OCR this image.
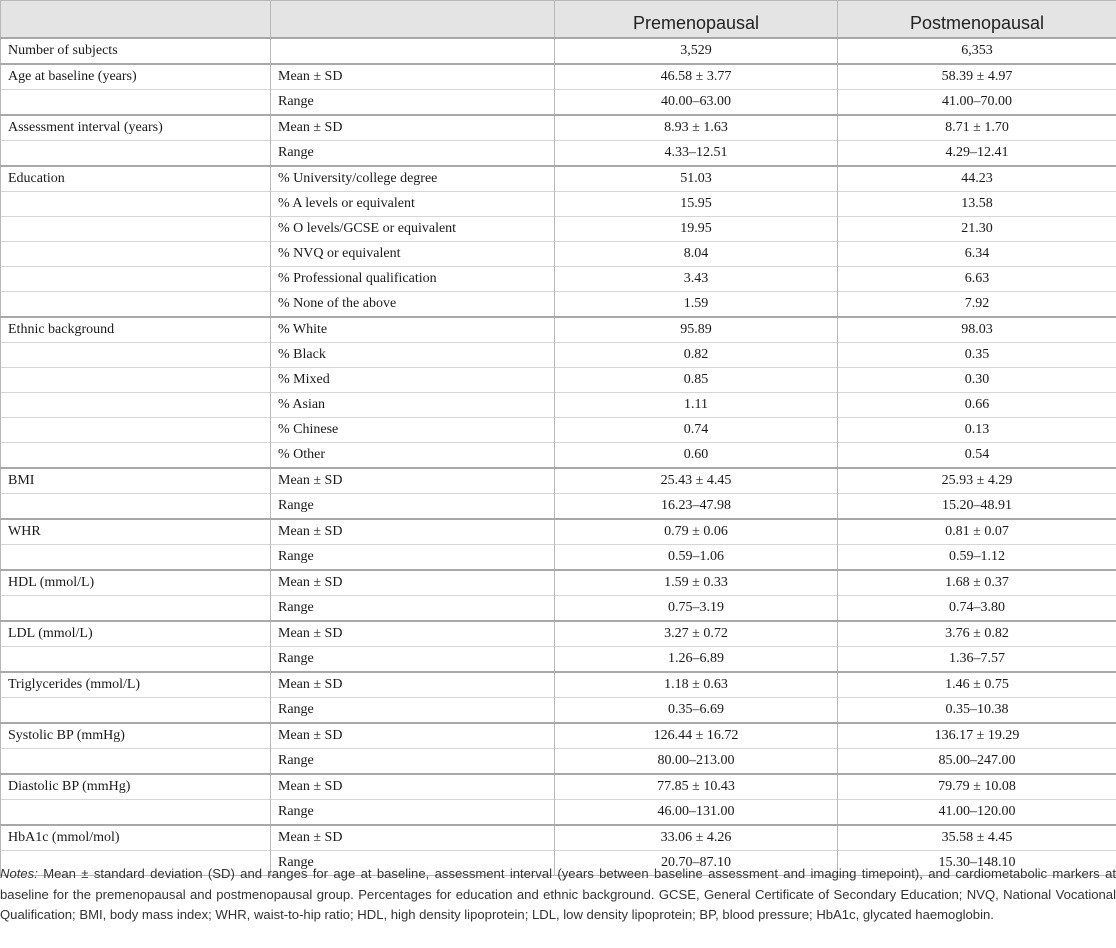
		Premenopausal	Postmenopausal
Number of subjects		3,529	6,353
Age at baseline (years)	Mean ± SD	46.58 ± 3.77	58.39 ± 4.97
	Range	40.00–63.00	41.00–70.00
Assessment interval (years)	Mean ± SD	8.93 ± 1.63	8.71 ± 1.70
	Range	4.33–12.51	4.29–12.41
Education	% University/college degree	51.03	44.23
	% A levels or equivalent	15.95	13.58
	% O levels/GCSE or equivalent	19.95	21.30
	% NVQ or equivalent	8.04	6.34
	% Professional qualification	3.43	6.63
	% None of the above	1.59	7.92
Ethnic background	% White	95.89	98.03
	% Black	0.82	0.35
	% Mixed	0.85	0.30
	% Asian	1.11	0.66
	% Chinese	0.74	0.13
	% Other	0.60	0.54
BMI	Mean ± SD	25.43 ± 4.45	25.93 ± 4.29
	Range	16.23–47.98	15.20–48.91
WHR	Mean ± SD	0.79 ± 0.06	0.81 ± 0.07
	Range	0.59–1.06	0.59–1.12
HDL (mmol/L)	Mean ± SD	1.59 ± 0.33	1.68 ± 0.37
	Range	0.75–3.19	0.74–3.80
LDL (mmol/L)	Mean ± SD	3.27 ± 0.72	3.76 ± 0.82
	Range	1.26–6.89	1.36–7.57
Triglycerides (mmol/L)	Mean ± SD	1.18 ± 0.63	1.46 ± 0.75
	Range	0.35–6.69	0.35–10.38
Systolic BP (mmHg)	Mean ± SD	126.44 ± 16.72	136.17 ± 19.29
	Range	80.00–213.00	85.00–247.00
Diastolic BP (mmHg)	Mean ± SD	77.85 ± 10.43	79.79 ± 10.08
	Range	46.00–131.00	41.00–120.00
HbA1c (mmol/mol)	Mean ± SD	33.06 ± 4.26	35.58 ± 4.45
	Range	20.70–87.10	15.30–148.10

Notes: Mean ± standard deviation (SD) and ranges for age at baseline, assessment interval (years between baseline assessment and imaging timepoint), and cardiometabolic markers at baseline for the premenopausal and postmenopausal group. Percentages for education and ethnic background. GCSE, General Certificate of Secondary Education; NVQ, National Vocational Qualification; BMI, body mass index; WHR, waist-to-hip ratio; HDL, high density lipoprotein; LDL, low density lipoprotein; BP, blood pressure; HbA1c, glycated haemoglobin.
